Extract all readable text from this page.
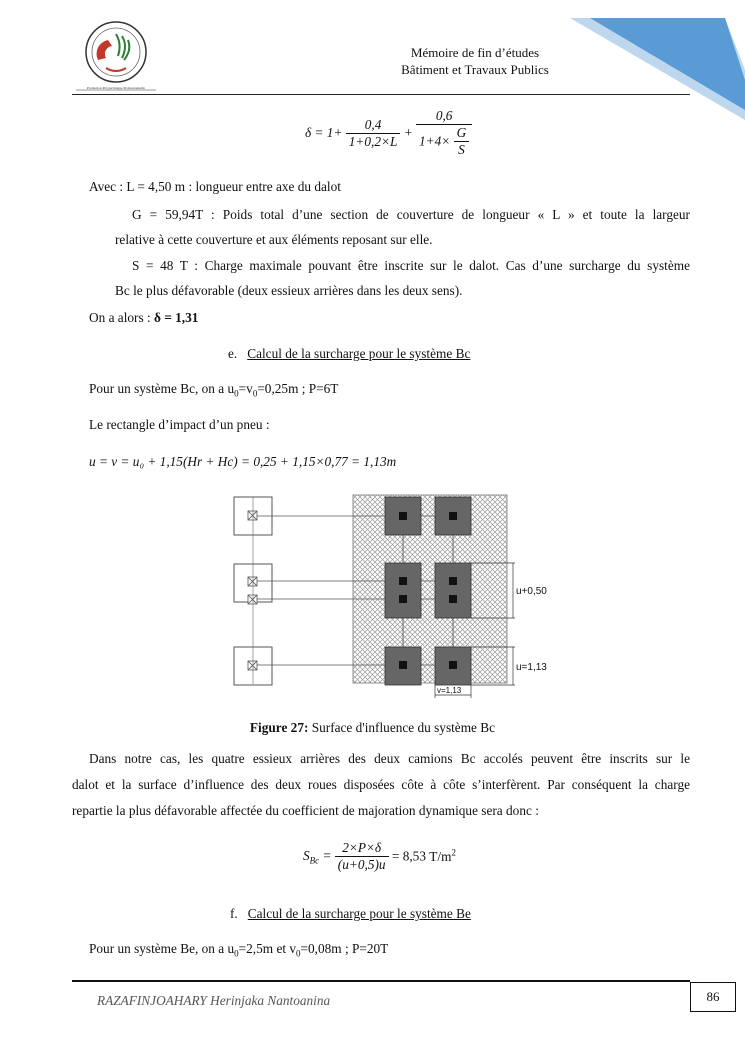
Promotion Polytechnique Professionnelle
Mémoire de fin d’études
Bâtiment et Travaux Publics
$\delta = 1+ \frac{0,4}{1+0,2\times L} + \frac{0,6}{1+4\times \frac{G}{S}}$
Avec : L = 4,50 m : longueur entre axe du dalot
G = 59,94T : Poids total d’une section de couverture de longueur « L » et toute la largeur
relative à cette couverture et aux éléments reposant sur elle.
S = 48 T : Charge maximale pouvant être inscrite sur le dalot. Cas d’une surcharge du système
Bc le plus défavorable (deux essieux arrières dans les deux sens).
On a alors : δ = 1,31
e. Calcul de la surcharge pour le système Bc
Pour un système Bc, on a $u_0=v_0=0,25m$ ; P=6T
Le rectangle d’impact d’un pneu :
u = v = u₀ + 1,15(Hr + Hc) = 0,25 + 1,15×0,77 = 1,13m
u+0,50
u=1,13
v=1,13
Figure 27: Surface d'influence du système Bc
Dans notre cas, les quatre essieux arrières des deux camions Bc accolés peuvent être inscrits sur le
dalot et la surface d’influence des deux roues disposées côte à côte s’interfèrent. Par conséquent la charge
repartie la plus défavorable affectée du coefficient de majoration dynamique sera donc :
$S_{Bc} = \frac{2\times P\times\delta}{(u+0,5)u} = 8,53$ $T/m^2$
f. Calcul de la surcharge pour le système Be
Pour un système Be, on a $u_0=2,5m$ et $v_0=0,08m$ ; P=20T
RAZAFINJOAHARY Herinjaka Nantoanina	86
